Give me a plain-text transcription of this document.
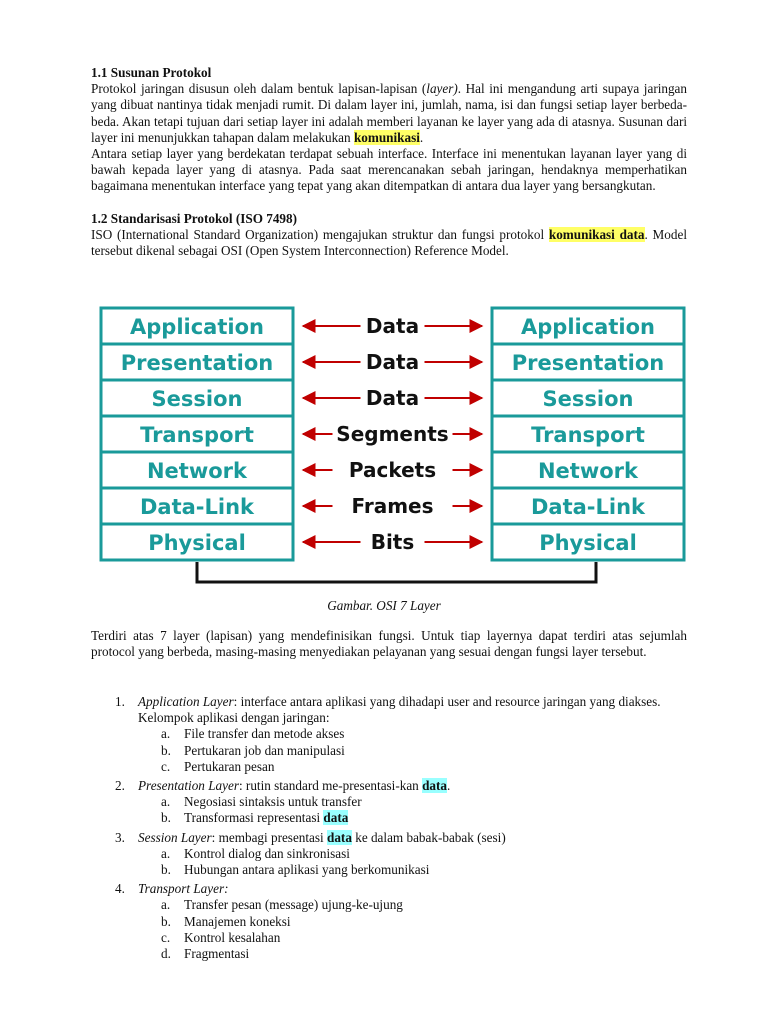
1.1 Susunan Protokol

Protokol jaringan disusun oleh dalam bentuk lapisan-lapisan (layer). Hal ini mengandung arti supaya jaringan yang dibuat nantinya tidak menjadi rumit. Di dalam layer ini, jumlah, nama, isi dan fungsi setiap layer berbeda-beda. Akan tetapi tujuan dari setiap layer ini adalah memberi layanan ke layer yang ada di atasnya. Susunan dari layer ini menunjukkan tahapan dalam melakukan komunikasi.

Antara setiap layer yang berdekatan terdapat sebuah interface. Interface ini menentukan layanan layer yang di bawah kepada layer yang di atasnya. Pada saat merencanakan sebah jaringan, hendaknya memperhatikan bagaimana menentukan interface yang tepat yang akan ditempatkan di antara dua layer yang bersangkutan.

1.2 Standarisasi Protokol (ISO 7498)

ISO (International Standard Organization) mengajukan struktur dan fungsi protokol komunikasi data. Model tersebut dikenal sebagai OSI (Open System Interconnection) Reference Model.

Application
Presentation
Session
Transport
Network
Data-Link
Physical
Application
Presentation
Session
Transport
Network
Data-Link
Physical
Data
Data
Data
Segments
Packets
Frames
Bits
Gambar. OSI 7 Layer

Terdiri atas 7 layer (lapisan) yang mendefinisikan fungsi. Untuk tiap layernya dapat terdiri atas sejumlah protocol yang berbeda, masing-masing menyediakan pelayanan yang sesuai dengan fungsi layer tersebut.

1. Application Layer: interface antara aplikasi yang dihadapi user and resource jaringan yang diakses. Kelompok aplikasi dengan jaringan:
a. File transfer dan metode akses
b. Pertukaran job dan manipulasi
c. Pertukaran pesan
2. Presentation Layer: rutin standard me-presentasi-kan data.
a. Negosiasi sintaksis untuk transfer
b. Transformasi representasi data
3. Session Layer: membagi presentasi data ke dalam babak-babak (sesi)
a. Kontrol dialog dan sinkronisasi
b. Hubungan antara aplikasi yang berkomunikasi
4. Transport Layer:
a. Transfer pesan (message) ujung-ke-ujung
b. Manajemen koneksi
c. Kontrol kesalahan
d. Fragmentasi
